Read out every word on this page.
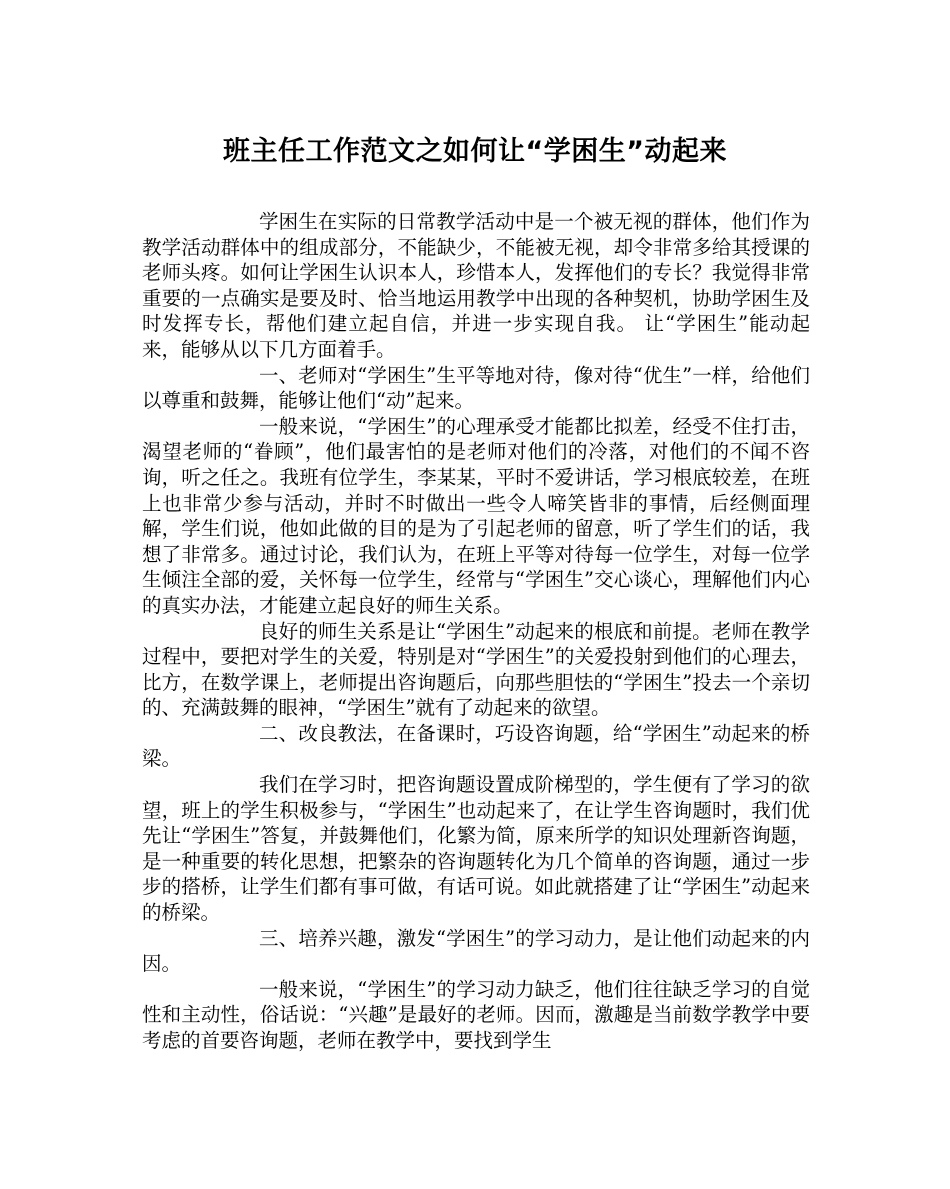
班主任工作范文之如何让“学困生”动起来

学困生在实际的日常教学活动中是一个被无视的群体，他们作为教学活动群体中的组成部分，不能缺少，不能被无视，却令非常多给其授课的老师头疼。如何让学困生认识本人，珍惜本人，发挥他们的专长？我觉得非常重要的一点确实是要及时、恰当地运用教学中出现的各种契机，协助学困生及时发挥专长，帮他们建立起自信，并进一步实现自我。 让“学困生”能动起来，能够从以下几方面着手。

一、老师对“学困生”生平等地对待，像对待“优生”一样，给他们以尊重和鼓舞，能够让他们“动”起来。

一般来说，“学困生”的心理承受才能都比拟差，经受不住打击，渴望老师的“眷顾”，他们最害怕的是老师对他们的冷落，对他们的不闻不咨询，听之任之。我班有位学生，李某某，平时不爱讲话，学习根底较差，在班上也非常少参与活动，并时不时做出一些令人啼笑皆非的事情，后经侧面理解，学生们说，他如此做的目的是为了引起老师的留意，听了学生们的话，我想了非常多。通过讨论，我们认为，在班上平等对待每一位学生，对每一位学生倾注全部的爱，关怀每一位学生，经常与“学困生”交心谈心，理解他们内心的真实办法，才能建立起良好的师生关系。

良好的师生关系是让“学困生”动起来的根底和前提。老师在教学过程中，要把对学生的关爱，特别是对“学困生”的关爱投射到他们的心理去，比方，在数学课上，老师提出咨询题后，向那些胆怯的“学困生”投去一个亲切的、充满鼓舞的眼神，“学困生”就有了动起来的欲望。

二、改良教法，在备课时，巧设咨询题，给“学困生”动起来的桥梁。

我们在学习时，把咨询题设置成阶梯型的，学生便有了学习的欲望，班上的学生积极参与，“学困生”也动起来了，在让学生咨询题时，我们优先让“学困生”答复，并鼓舞他们，化繁为简，原来所学的知识处理新咨询题，是一种重要的转化思想，把繁杂的咨询题转化为几个简单的咨询题，通过一步步的搭桥，让学生们都有事可做，有话可说。如此就搭建了让“学困生”动起来的桥梁。

三、培养兴趣，激发“学困生”的学习动力，是让他们动起来的内因。

一般来说，“学困生”的学习动力缺乏，他们往往缺乏学习的自觉性和主动性，俗话说：“兴趣”是最好的老师。因而，激趣是当前数学教学中要考虑的首要咨询题，老师在教学中，要找到学生
